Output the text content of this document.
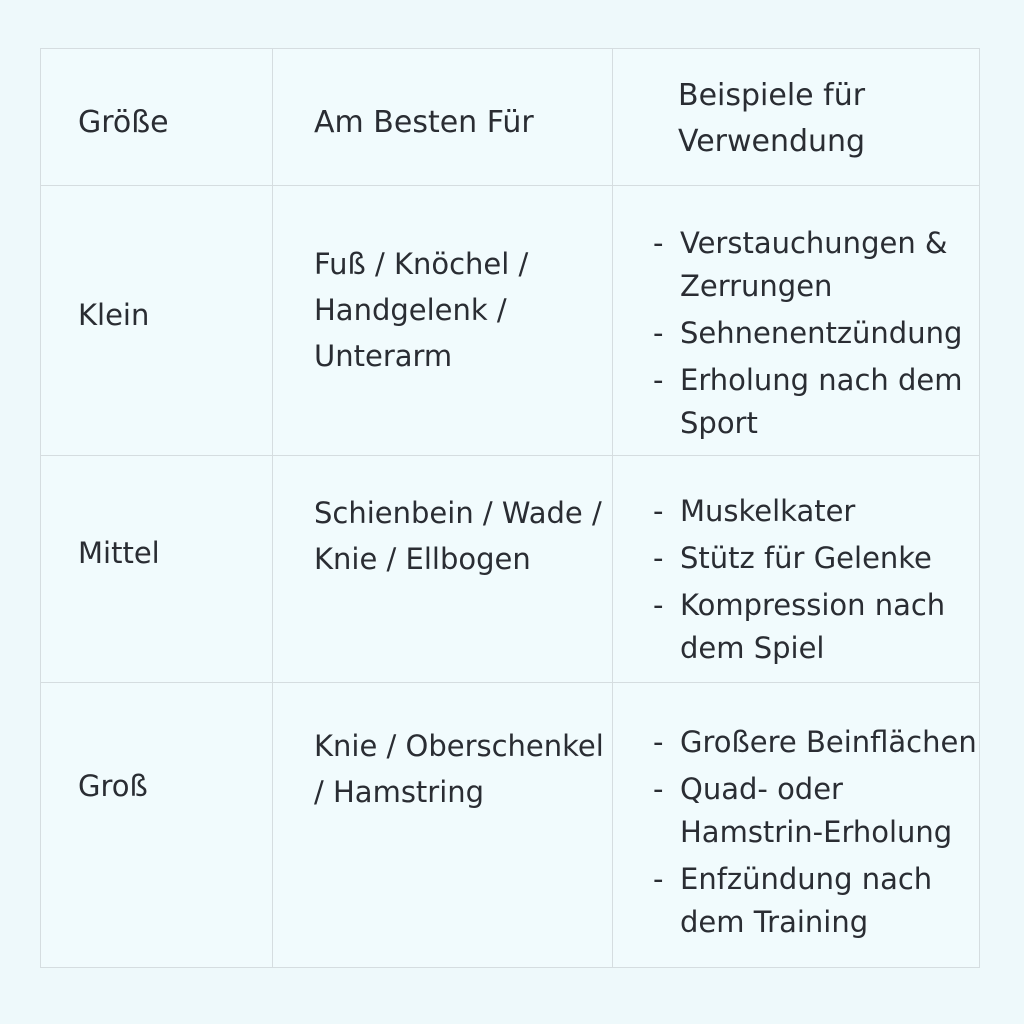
Größe	Am Besten Für
Beispiele für Verwendung
Klein
Fuß / Knöchel / Handgelenk / Unterarm
- Verstauchungen & Zerrungen
- Sehnenentzündung
- Erholung nach dem Sport
Mittel
Schienbein / Wade / Knie / Ellbogen
- Muskelkater
- Stütz für Gelenke
- Kompression nach dem Spiel
Groß
Knie / Oberschenkel / Hamstring
- Großere Beinflächen
- Quad- oder Hamstrin-Erholung
- Enfzündung nach dem Training
